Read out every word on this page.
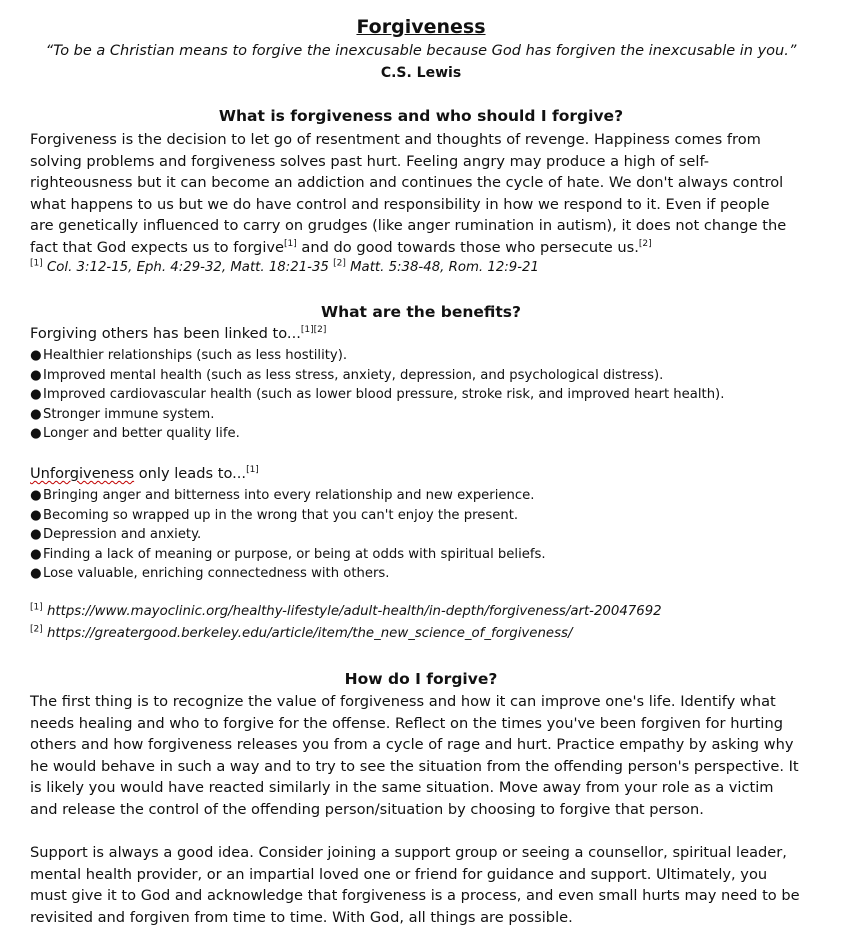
Forgiveness
“To be a Christian means to forgive the inexcusable because God has forgiven the inexcusable in you.”
C.S. Lewis
What is forgiveness and who should I forgive?
Forgiveness is the decision to let go of resentment and thoughts of revenge. Happiness comes from
solving problems and forgiveness solves past hurt. Feeling angry may produce a high of self-
righteousness but it can become an addiction and continues the cycle of hate. We don't always control
what happens to us but we do have control and responsibility in how we respond to it. Even if people
are genetically influenced to carry on grudges (like anger rumination in autism), it does not change the
fact that God expects us to forgive[1] and do good towards those who persecute us.[2]
[1] Col. 3:12-15, Eph. 4:29-32, Matt. 18:21-35 [2] Matt. 5:38-48, Rom. 12:9-21
What are the benefits?
Forgiving others has been linked to...[1][2]
●Healthier relationships (such as less hostility).
●Improved mental health (such as less stress, anxiety, depression, and psychological distress).
●Improved cardiovascular health (such as lower blood pressure, stroke risk, and improved heart health).
●Stronger immune system.
●Longer and better quality life.
Unforgiveness only leads to...[1]
●Bringing anger and bitterness into every relationship and new experience.
●Becoming so wrapped up in the wrong that you can't enjoy the present.
●Depression and anxiety.
●Finding a lack of meaning or purpose, or being at odds with spiritual beliefs.
●Lose valuable, enriching connectedness with others.
[1] https://www.mayoclinic.org/healthy-lifestyle/adult-health/in-depth/forgiveness/art-20047692
[2] https://greatergood.berkeley.edu/article/item/the_new_science_of_forgiveness/
How do I forgive?
The first thing is to recognize the value of forgiveness and how it can improve one's life. Identify what
needs healing and who to forgive for the offense. Reflect on the times you've been forgiven for hurting
others and how forgiveness releases you from a cycle of rage and hurt. Practice empathy by asking why
he would behave in such a way and to try to see the situation from the offending person's perspective. It
is likely you would have reacted similarly in the same situation. Move away from your role as a victim
and release the control of the offending person/situation by choosing to forgive that person.
Support is always a good idea. Consider joining a support group or seeing a counsellor, spiritual leader,
mental health provider, or an impartial loved one or friend for guidance and support. Ultimately, you
must give it to God and acknowledge that forgiveness is a process, and even small hurts may need to be
revisited and forgiven from time to time. With God, all things are possible.
